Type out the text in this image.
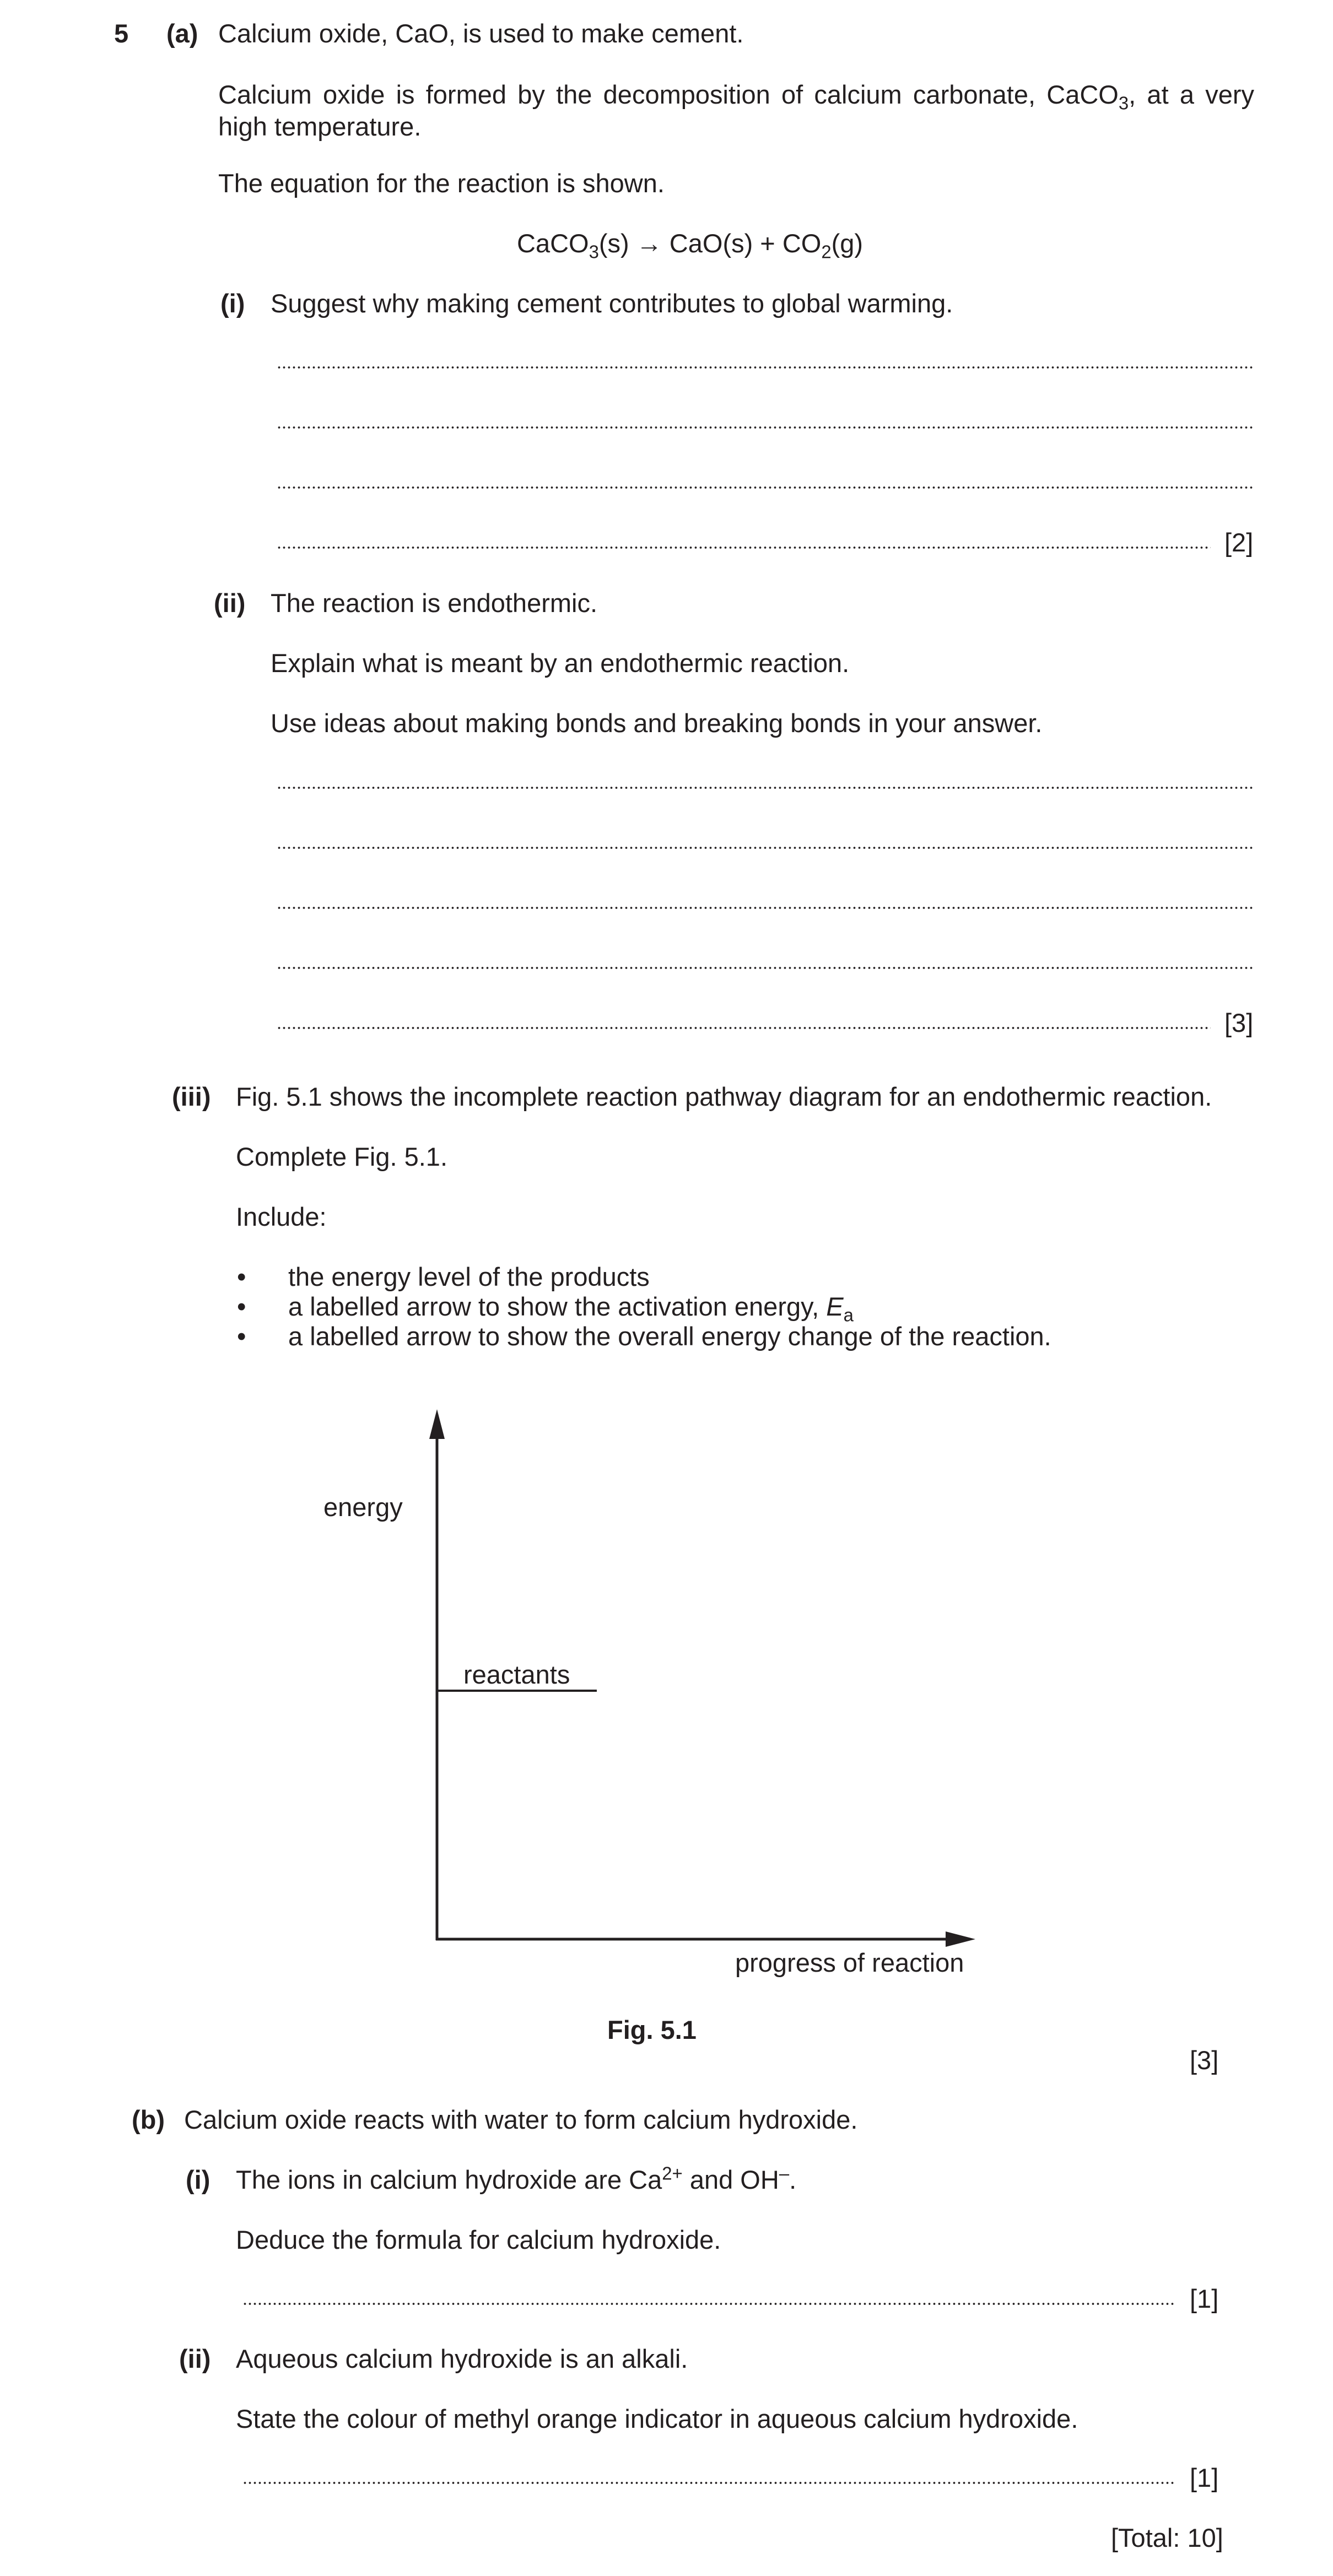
5 (a) Calcium oxide, CaO, is used to make cement.
Calcium oxide is formed by the decomposition of calcium carbonate, CaCO$_3$, at a very high temperature.
The equation for the reaction is shown.
CaCO$_3$(s) → $CaO(s) + CO_2(g)$
(i) Suggest why making cement contributes to global warming.
[2]
(ii) The reaction is endothermic.
Explain what is meant by an endothermic reaction.
Use ideas about making bonds and breaking bonds in your answer.
[3]
(iii) Fig. 5.1 shows the incomplete reaction pathway diagram for an endothermic reaction.
Complete Fig. 5.1.
Include:
• the energy level of the products
• a labelled arrow to show the activation energy, $E_a$
• a labelled arrow to show the overall energy change of the reaction.
energy
reactants
progress of reaction
Fig. 5.1
[3]
(b) Calcium oxide reacts with water to form calcium hydroxide.
(i) The ions in calcium hydroxide are $Ca^{2+}$ and OH–.
Deduce the formula for calcium hydroxide.
[1]
(ii) Aqueous calcium hydroxide is an alkali.
State the colour of methyl orange indicator in aqueous calcium hydroxide.
[1]
[Total: 10]
